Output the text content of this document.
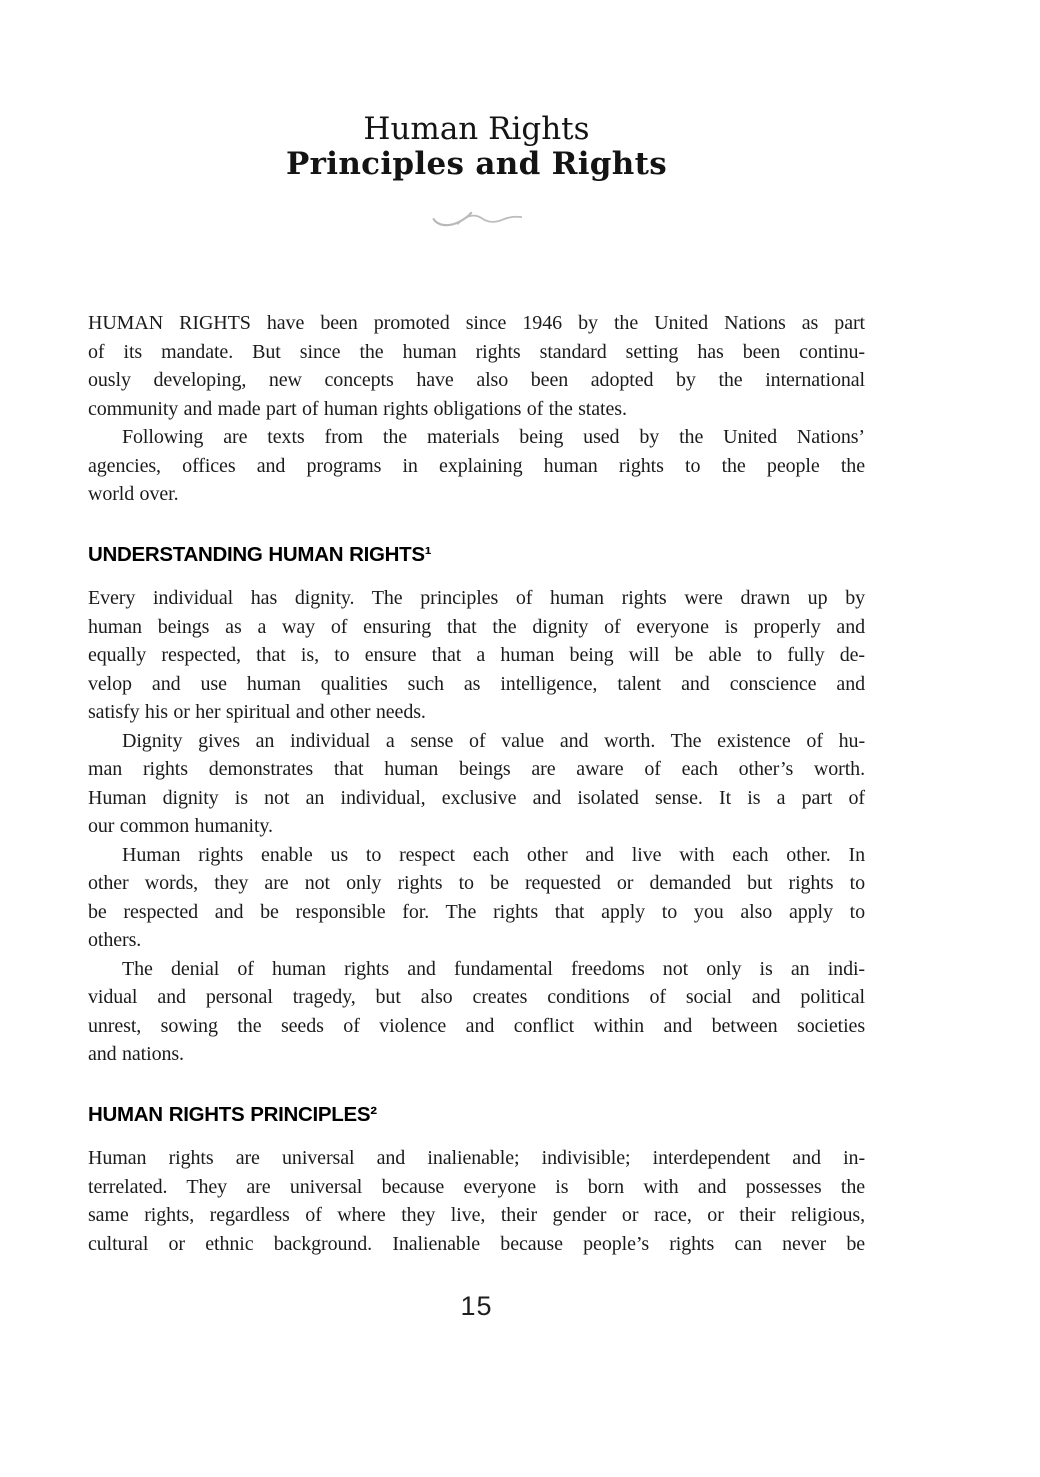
Human Rights
Principles and Rights

HUMAN RIGHTS have been promoted since 1946 by the United Nations as part
of its mandate. But since the human rights standard setting has been continu-
ously developing, new concepts have also been adopted by the international
community and made part of human rights obligations of the states.

Following are texts from the materials being used by the United Nations’
agencies, offices and programs in explaining human rights to the people the
world over.

UNDERSTANDING HUMAN RIGHTS¹

Every individual has dignity. The principles of human rights were drawn up by
human beings as a way of ensuring that the dignity of everyone is properly and
equally respected, that is, to ensure that a human being will be able to fully de-
velop and use human qualities such as intelligence, talent and conscience and
satisfy his or her spiritual and other needs.

Dignity gives an individual a sense of value and worth. The existence of hu-
man rights demonstrates that human beings are aware of each other’s worth.
Human dignity is not an individual, exclusive and isolated sense. It is a part of
our common humanity.

Human rights enable us to respect each other and live with each other. In
other words, they are not only rights to be requested or demanded but rights to
be respected and be responsible for. The rights that apply to you also apply to
others.

The denial of human rights and fundamental freedoms not only is an indi-
vidual and personal tragedy, but also creates conditions of social and political
unrest, sowing the seeds of violence and conflict within and between societies
and nations.

HUMAN RIGHTS PRINCIPLES²

Human rights are universal and inalienable; indivisible; interdependent and in-
terrelated. They are universal because everyone is born with and possesses the
same rights, regardless of where they live, their gender or race, or their religious,
cultural or ethnic background. Inalienable because people’s rights can never be

15
